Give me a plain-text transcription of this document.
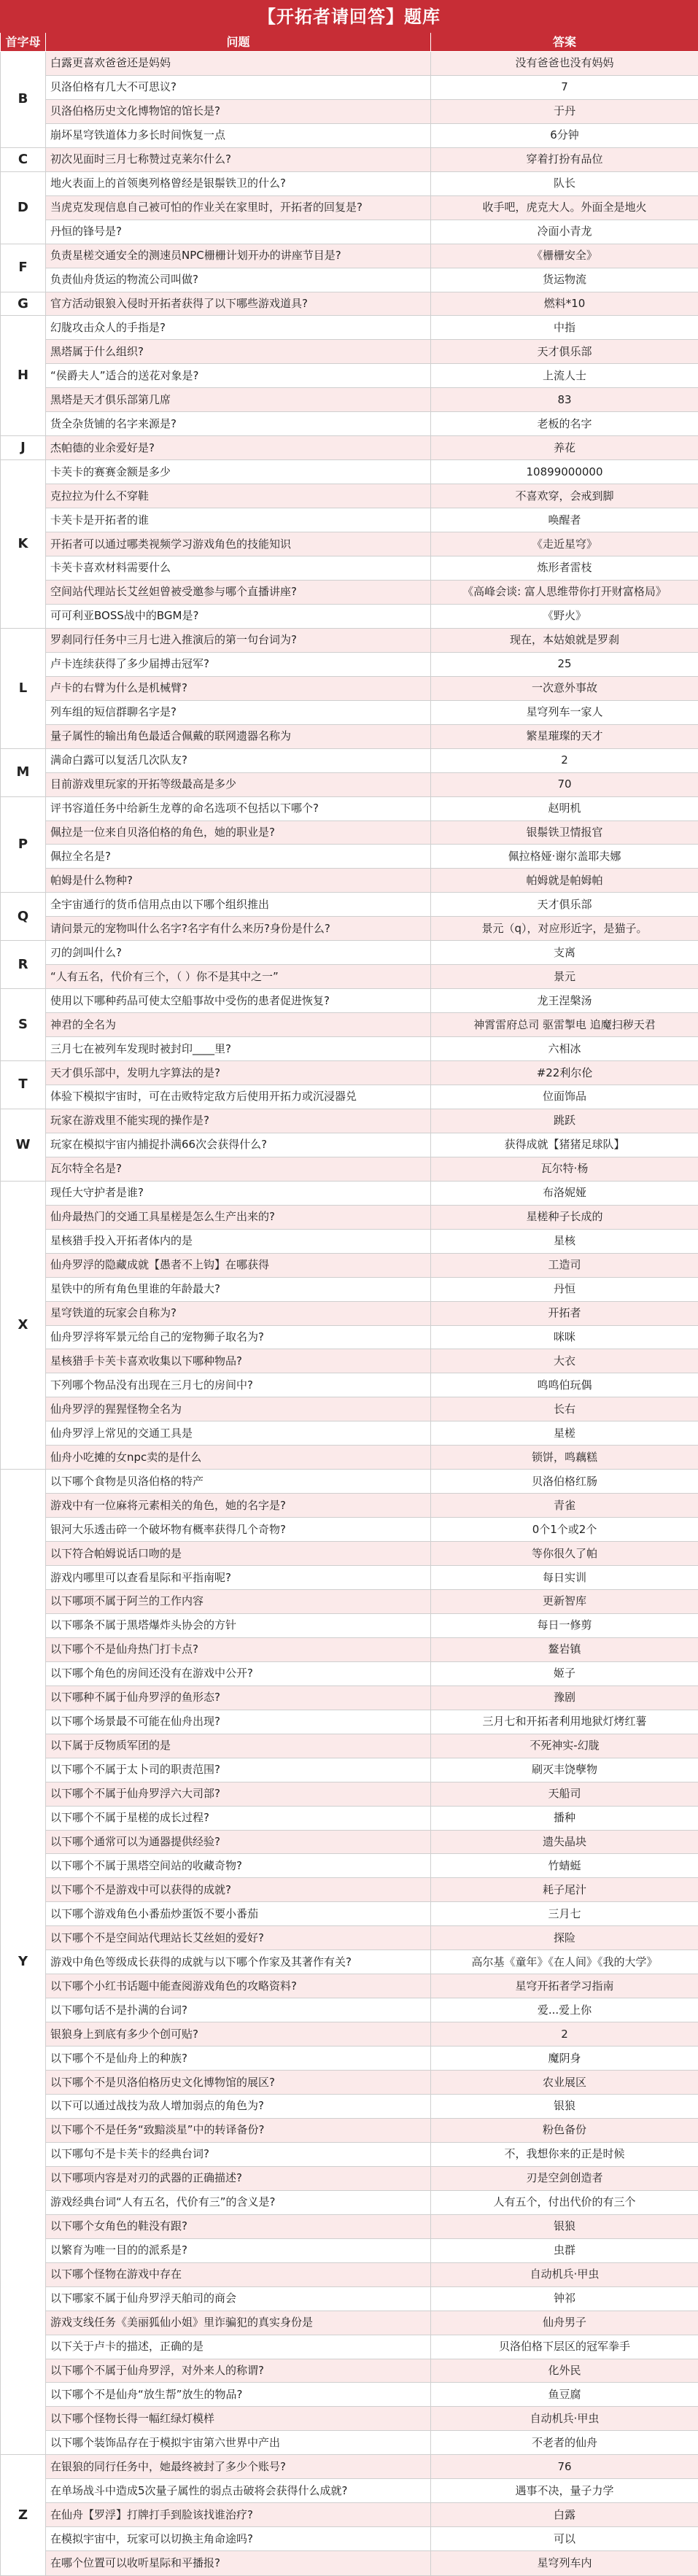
【开拓者请回答】题库		
首字母	问题	答案
B	白露更喜欢爸爸还是妈妈	没有爸爸也没有妈妈
	贝洛伯格有几大不可思议?	7
	贝洛伯格历史文化博物馆的馆长是?	于丹
	崩坏星穹铁道体力多长时间恢复一点	6分钟
C	初次见面时三月七称赞过克莱尔什么?	穿着打扮有品位
D	地火表面上的首领奥列格曾经是银鬃铁卫的什么?	队长
	当虎克发现信息自己被可怕的作业关在家里时，开拓者的回复是?	收手吧，虎克大人。外面全是地火
	丹恒的锋号是?	冷面小青龙
F	负责星槎交通安全的测速员NPC栅栅计划开办的讲座节目是?	《栅栅安全》
	负责仙舟货运的物流公司叫做?	货运物流
G	官方活动银狼入侵时开拓者获得了以下哪些游戏道具?	燃料*10
H	幻胧攻击众人的手指是?	中指
	黑塔属于什么组织?	天才俱乐部
	“侯爵夫人”适合的送花对象是?	上流人士
	黑塔是天才俱乐部第几席	83
	货全杂货铺的名字来源是?	老板的名字
J	杰帕德的业余爱好是?	养花
K	卡芙卡的赛赛金额是多少	10899000000
	克拉拉为什么不穿鞋	不喜欢穿，会戒到脚
	卡芙卡是开拓者的谁	唤醒者
	开拓者可以通过哪类视频学习游戏角色的技能知识	《走近星穹》
	卡芙卡喜欢材料需要什么	炼形者雷枝
	空间站代理站长艾丝妲曾被受邀参与哪个直播讲座?	《高峰会谈: 富人思维带你打开财富格局》
	可可利亚BOSS战中的BGM是?	《野火》
L	罗刹同行任务中三月七进入推演后的第一句台词为?	现在，本姑娘就是罗刹
	卢卡连续获得了多少届搏击冠军?	25
	卢卡的右臂为什么是机械臂?	一次意外事故
	列车组的短信群聊名字是?	星穹列车一家人
	量子属性的输出角色最适合佩戴的联网遗器名称为	繁星璀璨的天才
M	满命白露可以复活几次队友?	2
	目前游戏里玩家的开拓等级最高是多少	70
P	评书容道任务中给新生龙尊的命名选项不包括以下哪个?	赵明机
	佩拉是一位来自贝洛伯格的角色，她的职业是?	银鬃铁卫情报官
	佩拉全名是?	佩拉格娅·谢尔盖耶夫娜
	帕姆是什么物种?	帕姆就是帕姆帕
Q	全宇宙通行的货币信用点由以下哪个组织推出	天才俱乐部
	请问景元的宠物叫什么名字?名字有什么来历?身份是什么?	景元（q），对应形近字，是猫子。
R	刃的剑叫什么?	支离
	“人有五名，代价有三个，（ ）你不是其中之一”	景元
S	使用以下哪种药品可使太空船事故中受伤的患者促进恢复?	龙王涅槃汤
	神君的全名为	神霄雷府总司 驱雷掣电 追魔扫秽天君
	三月七在被列车发现时被封印____里?	六相冰
T	天才俱乐部中，发明九字算法的是?	#22利尔伦
	体验下模拟宇宙时，可在击败特定敌方后使用开拓力或沉浸器兑	位面饰品
W	玩家在游戏里不能实现的操作是?	跳跃
	玩家在模拟宇宙内捕捉扑满66次会获得什么?	获得成就【猪猪足球队】
	瓦尔特全名是?	瓦尔特·杨
X	现任大守护者是谁?	布洛妮娅
	仙舟最热门的交通工具星槎是怎么生产出来的?	星槎种子长成的
	星核猎手投入开拓者体内的是	星核
	仙舟罗浮的隐藏成就【愚者不上钩】在哪获得	工造司
	星铁中的所有角色里谁的年龄最大?	丹恒
	星穹铁道的玩家会自称为?	开拓者
	仙舟罗浮将军景元给自己的宠物狮子取名为?	咪咪
	星核猎手卡芙卡喜欢收集以下哪种物品?	大衣
	下列哪个物品没有出现在三月七的房间中?	鸣鸣伯玩偶
	仙舟罗浮的猩猩怪物全名为	长右
	仙舟罗浮上常见的交通工具是	星槎
	仙舟小吃摊的女npc卖的是什么	锁饼，鸣藕糕
Y	以下哪个食物是贝洛伯格的特产	贝洛伯格红肠
	游戏中有一位麻将元素相关的角色，她的名字是?	青雀
	银河大乐透击碎一个破坏物有概率获得几个奇物?	0个1个或2个
	以下符合帕姆说话口吻的是	等你很久了帕
	游戏内哪里可以查看星际和平指南呢?	每日实训
	以下哪项不属于阿兰的工作内容	更新智库
	以下哪条不属于黑塔爆炸头协会的方针	每日一修剪
	以下哪个不是仙舟热门打卡点?	鳌岩镇
	以下哪个角色的房间还没有在游戏中公开?	姬子
	以下哪种不属于仙舟罗浮的鱼形态?	豫剧
	以下哪个场景最不可能在仙舟出现?	三月七和开拓者利用地狱灯烤红薯
	以下属于反物质军团的是	不死神实-幻胧
	以下哪个不属于太卜司的职责范围?	刷灭丰饶孽物
	以下哪个不属于仙舟罗浮六大司部?	天船司
	以下哪个不属于星槎的成长过程?	播种
	以下哪个通常可以为通器提供经验?	遗失晶块
	以下哪个不属于黑塔空间站的收藏奇物?	竹蜻蜓
	以下哪个不是游戏中可以获得的成就?	耗子尾汁
	以下哪个游戏角色小番茄炒蛋饭不要小番茄	三月七
	以下哪个不是空间站代理站长艾丝妲的爱好?	探险
	游戏中角色等级成长获得的成就与以下哪个作家及其著作有关?	高尔基《童年》《在人间》《我的大学》
	以下哪个小红书话题中能查阅游戏角色的攻略资料?	星穹开拓者学习指南
	以下哪句话不是扑满的台词?	爱...爱上你
	银狼身上到底有多少个创可贴?	2
	以下哪个不是仙舟上的种族?	魔阴身
	以下哪个不是贝洛伯格历史文化博物馆的展区?	农业展区
	以下可以通过战技为敌人增加弱点的角色为?	银狼
	以下哪个不是任务“致黯淡星”中的转译备份?	粉色备份
	以下哪句不是卡芙卡的经典台词?	不，我想你来的正是时候
	以下哪项内容是对刃的武器的正确描述?	刃是空剑创造者
	游戏经典台词“人有五名，代价有三”的含义是?	人有五个，付出代价的有三个
	以下哪个女角色的鞋没有跟?	银狼
	以繁育为唯一目的的派系是?	虫群
	以下哪个怪物在游戏中存在	自动机兵·甲虫
	以下哪家不属于仙舟罗浮天舶司的商会	钟祁
	游戏支线任务《美丽狐仙小姐》里诈骗犯的真实身份是	仙舟男子
	以下关于卢卡的描述，正确的是	贝洛伯格下层区的冠军拳手
	以下哪个不属于仙舟罗浮，对外来人的称谓?	化外民
	以下哪个不是仙舟“放生帮”放生的物品?	鱼豆腐
	以下哪个怪物长得一幅红绿灯模样	自动机兵·甲虫
	以下哪个装饰品存在于模拟宇宙第六世界中产出	不老者的仙舟
Z	在银狼的同行任务中，她最终被封了多少个账号?	76
	在单场战斗中造成5次量子属性的弱点击破将会获得什么成就?	遇事不决，量子力学
	在仙舟【罗浮】打牌打手到脸该找谁治疗?	白露
	在模拟宇宙中，玩家可以切换主角命途吗?	可以
	在哪个位置可以收听星际和平播报?	星穹列车内
